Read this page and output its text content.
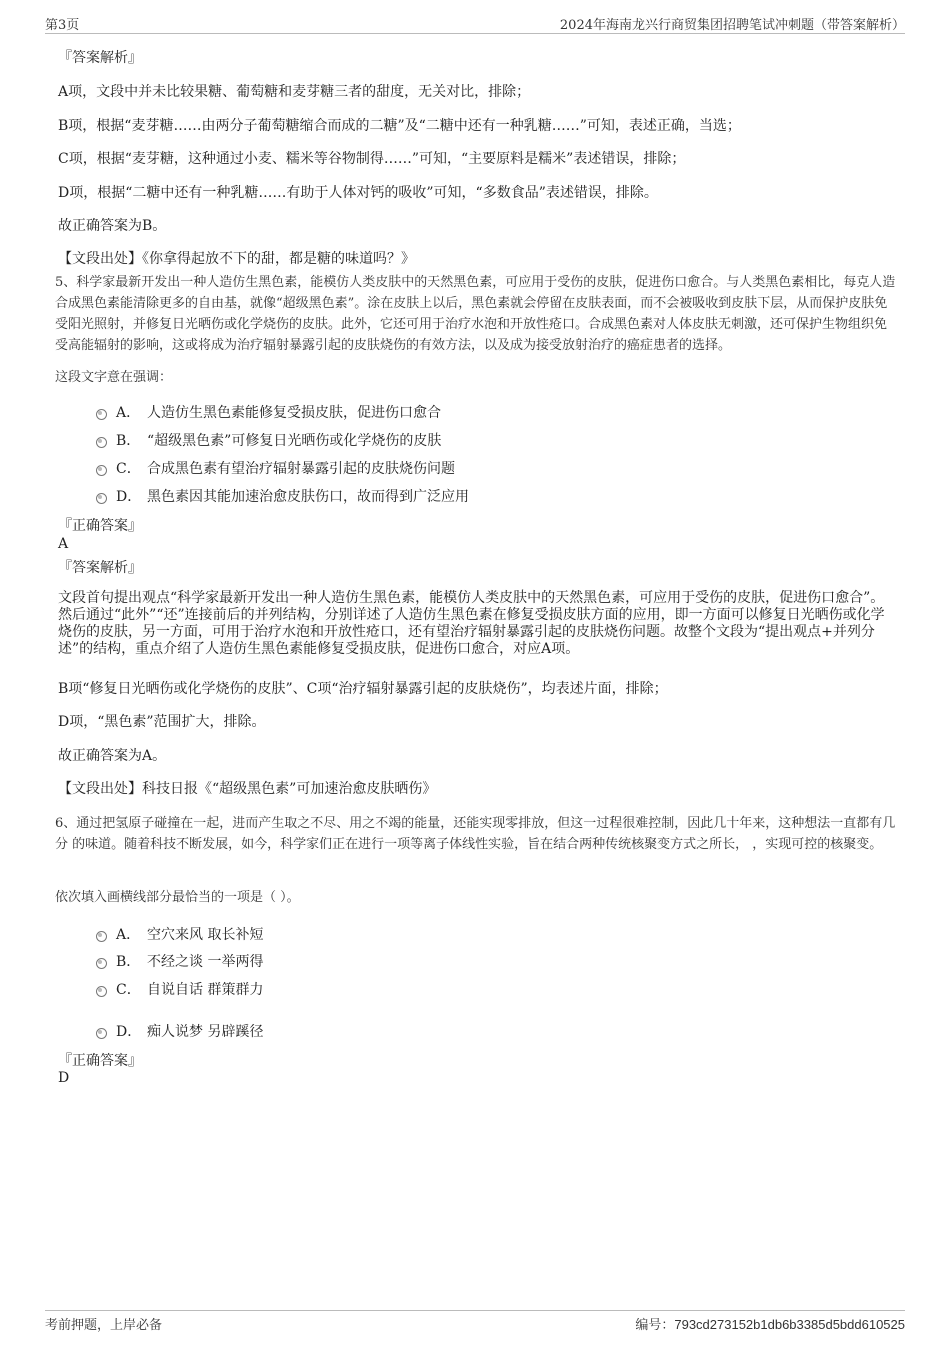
第3页	2024年海南龙兴行商贸集团招聘笔试冲刺题（带答案解析）
『答案解析』
A项，文段中并未比较果糖、葡萄糖和麦芽糖三者的甜度，无关对比，排除；
B项，根据“麦芽糖……由两分子葡萄糖缩合而成的二糖”及“二糖中还有一种乳糖……”可知，表述正确，当选；
C项，根据“麦芽糖，这种通过小麦、糯米等谷物制得……”可知，“主要原料是糯米”表述错误，排除；
D项，根据“二糖中还有一种乳糖……有助于人体对钙的吸收”可知，“多数食品”表述错误，排除。
故正确答案为B。
【文段出处】《你拿得起放不下的甜，都是糖的味道吗？》
5、科学家最新开发出一种人造仿生黑色素，能模仿人类皮肤中的天然黑色素，可应用于受伤的皮肤，促进伤口愈合。与人类黑色素相比，每克人造合成黑色素能清除更多的自由基，就像“超级黑色素”。涂在皮肤上以后，黑色素就会停留在皮肤表面，而不会被吸收到皮肤下层，从而保护皮肤免受阳光照射，并修复日光晒伤或化学烧伤的皮肤。此外，它还可用于治疗水泡和开放性疮口。合成黑色素对人体皮肤无刺激，还可保护生物组织免受高能辐射的影响，这或将成为治疗辐射暴露引起的皮肤烧伤的有效方法，以及成为接受放射治疗的癌症患者的选择。
这段文字意在强调：
A． 人造仿生黑色素能修复受损皮肤，促进伤口愈合
B． “超级黑色素”可修复日光晒伤或化学烧伤的皮肤
C． 合成黑色素有望治疗辐射暴露引起的皮肤烧伤问题
D． 黑色素因其能加速治愈皮肤伤口，故而得到广泛应用
『正确答案』
A
『答案解析』
文段首句提出观点“科学家最新开发出一种人造仿生黑色素，能模仿人类皮肤中的天然黑色素，可应用于受伤的皮肤，促进伤口愈合”。然后通过“此外”“还”连接前后的并列结构，分别详述了人造仿生黑色素在修复受损皮肤方面的应用，即一方面可以修复日光晒伤或化学烧伤的皮肤，另一方面，可用于治疗水泡和开放性疮口，还有望治疗辐射暴露引起的皮肤烧伤问题。故整个文段为“提出观点+并列分述”的结构，重点介绍了人造仿生黑色素能修复受损皮肤，促进伤口愈合，对应A项。
B项“修复日光晒伤或化学烧伤的皮肤”、C项“治疗辐射暴露引起的皮肤烧伤”，均表述片面，排除；
D项，“黑色素”范围扩大，排除。
故正确答案为A。
【文段出处】科技日报《“超级黑色素”可加速治愈皮肤晒伤》
6、通过把氢原子碰撞在一起，进而产生取之不尽、用之不竭的能量，还能实现零排放，但这一过程很难控制，因此几十年来，这种想法一直都有几分 的味道。随着科技不断发展，如今，科学家们正在进行一项等离子体线性实验，旨在结合两种传统核聚变方式之所长， ，实现可控的核聚变。
依次填入画横线部分最恰当的一项是（ ）。
A． 空穴来风 取长补短
B． 不经之谈 一举两得
C． 自说自话 群策群力
D． 痴人说梦 另辟蹊径
『正确答案』
D
考前押题，上岸必备	编号：793cd273152b1db6b3385d5bdd610525
